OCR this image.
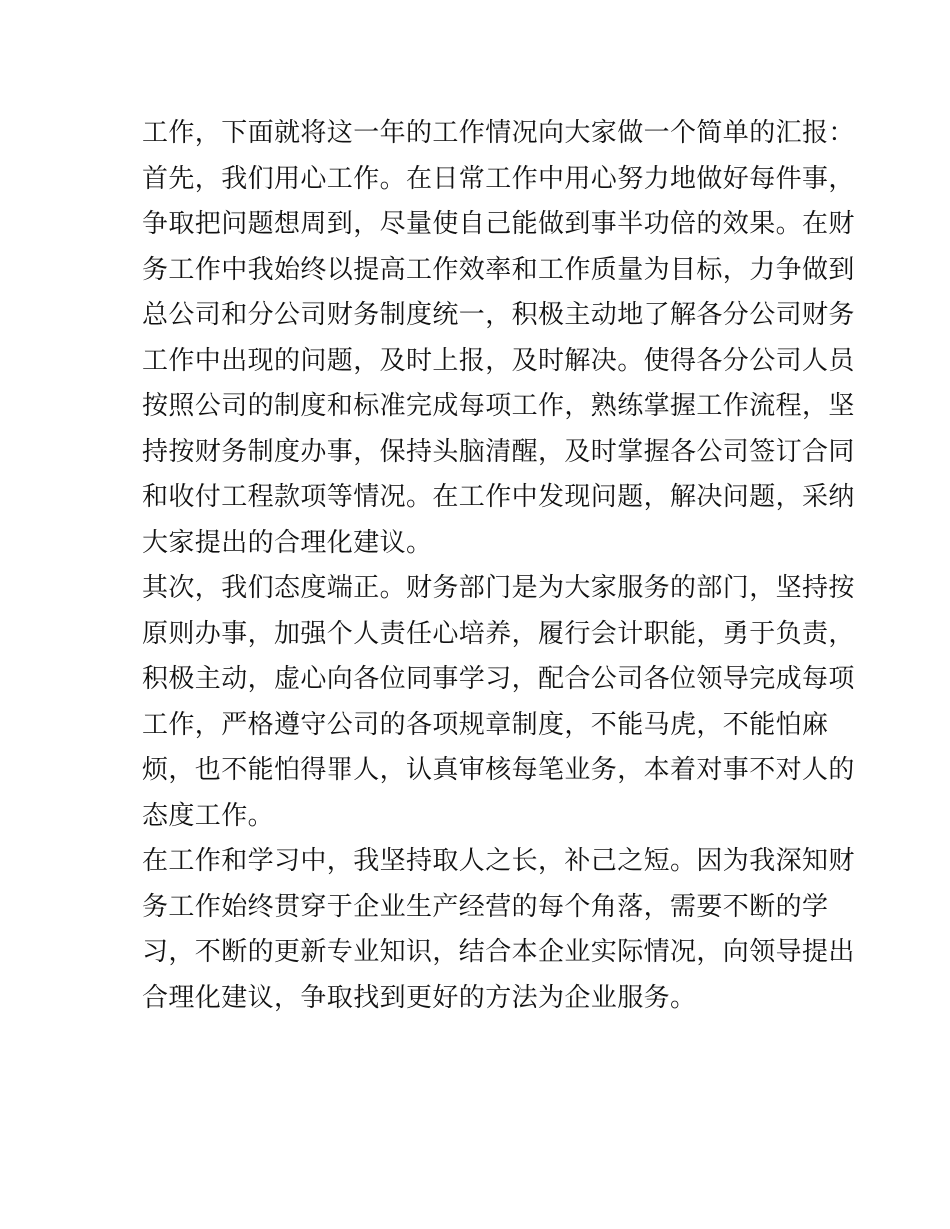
工作，下面就将这一年的工作情况向大家做一个简单的汇报：
首先，我们用心工作。在日常工作中用心努力地做好每件事，
争取把问题想周到，尽量使自己能做到事半功倍的效果。在财
务工作中我始终以提高工作效率和工作质量为目标，力争做到
总公司和分公司财务制度统一，积极主动地了解各分公司财务
工作中出现的问题，及时上报，及时解决。使得各分公司人员
按照公司的制度和标准完成每项工作，熟练掌握工作流程，坚
持按财务制度办事，保持头脑清醒，及时掌握各公司签订合同
和收付工程款项等情况。在工作中发现问题，解决问题，采纳
大家提出的合理化建议。
其次，我们态度端正。财务部门是为大家服务的部门，坚持按
原则办事，加强个人责任心培养，履行会计职能，勇于负责，
积极主动，虚心向各位同事学习，配合公司各位领导完成每项
工作，严格遵守公司的各项规章制度，不能马虎，不能怕麻
烦，也不能怕得罪人，认真审核每笔业务，本着对事不对人的
态度工作。
在工作和学习中，我坚持取人之长，补己之短。因为我深知财
务工作始终贯穿于企业生产经营的每个角落，需要不断的学
习，不断的更新专业知识，结合本企业实际情况，向领导提出
合理化建议，争取找到更好的方法为企业服务。
